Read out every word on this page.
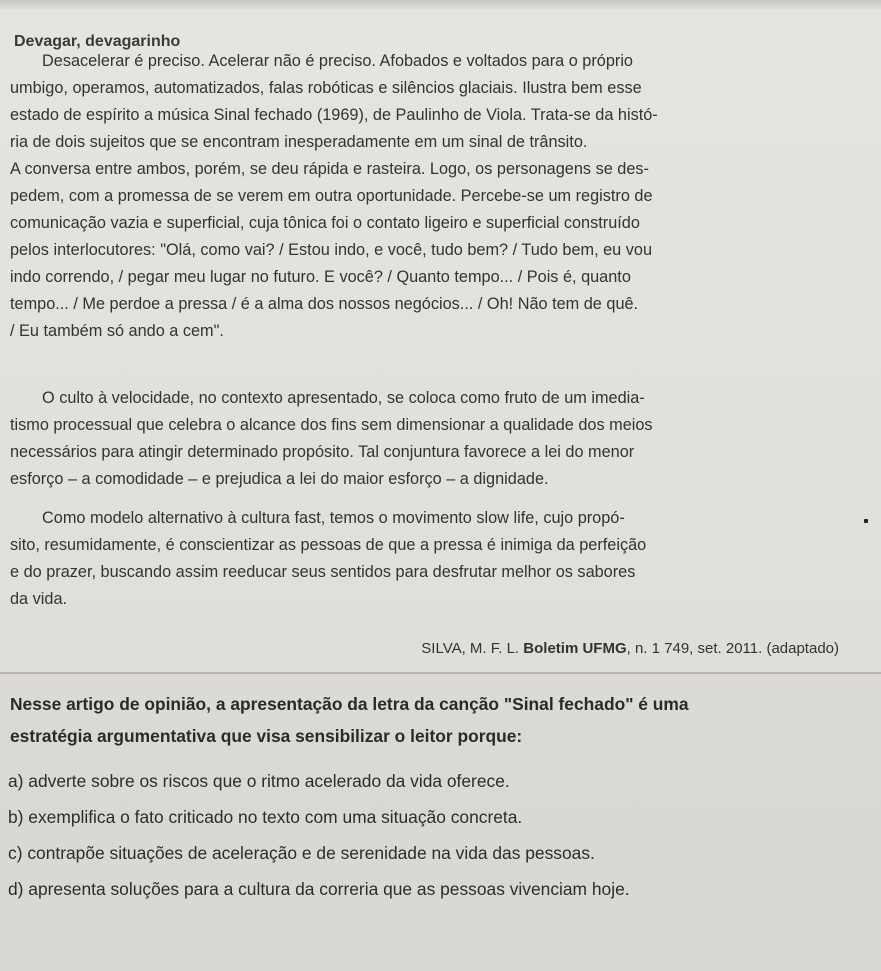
Devagar, devagarinho
Desacelerar é preciso. Acelerar não é preciso. Afobados e voltados para o próprio
umbigo, operamos, automatizados, falas robóticas e silêncios glaciais. Ilustra bem esse
estado de espírito a música Sinal fechado (1969), de Paulinho de Viola. Trata-se da histó-
ria de dois sujeitos que se encontram inesperadamente em um sinal de trânsito.
A conversa entre ambos, porém, se deu rápida e rasteira. Logo, os personagens se des-
pedem, com a promessa de se verem em outra oportunidade. Percebe-se um registro de
comunicação vazia e superficial, cuja tônica foi o contato ligeiro e superficial construído
pelos interlocutores: "Olá, como vai? / Estou indo, e você, tudo bem? / Tudo bem, eu vou
indo correndo, / pegar meu lugar no futuro. E você? / Quanto tempo... / Pois é, quanto
tempo... / Me perdoe a pressa / é a alma dos nossos negócios... / Oh! Não tem de quê.
/ Eu também só ando a cem".
O culto à velocidade, no contexto apresentado, se coloca como fruto de um imedia-
tismo processual que celebra o alcance dos fins sem dimensionar a qualidade dos meios
necessários para atingir determinado propósito. Tal conjuntura favorece a lei do menor
esforço – a comodidade – e prejudica a lei do maior esforço – a dignidade.
Como modelo alternativo à cultura fast, temos o movimento slow life, cujo propó-
sito, resumidamente, é conscientizar as pessoas de que a pressa é inimiga da perfeição
e do prazer, buscando assim reeducar seus sentidos para desfrutar melhor os sabores
da vida.
SILVA, M. F. L. Boletim UFMG, n. 1 749, set. 2011. (adaptado)
Nesse artigo de opinião, a apresentação da letra da canção "Sinal fechado" é uma
estratégia argumentativa que visa sensibilizar o leitor porque:
a) adverte sobre os riscos que o ritmo acelerado da vida oferece.
b) exemplifica o fato criticado no texto com uma situação concreta.
c) contrapõe situações de aceleração e de serenidade na vida das pessoas.
d) apresenta soluções para a cultura da correria que as pessoas vivenciam hoje.
